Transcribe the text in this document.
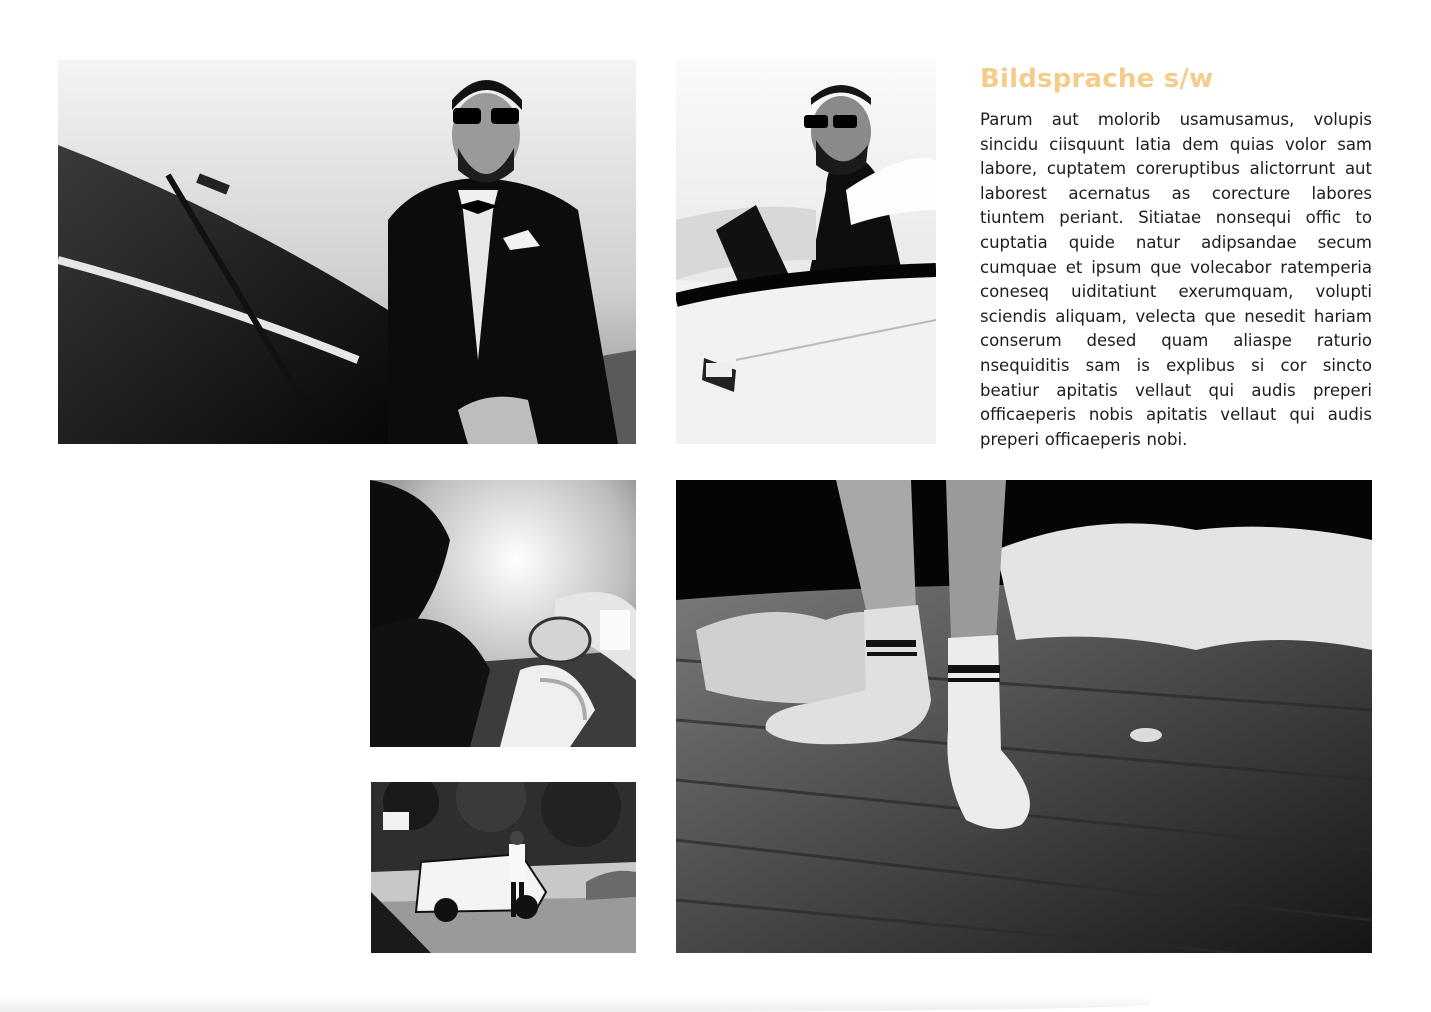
Bildsprache s/w

Parum aut molorib usamusamus, volupis sincidu ciisquunt latia dem quias volor sam labore, cuptatem coreruptibus alictorrunt aut laborest acernatus as corecture labores tiuntem periant. Sitiatae nonsequi offic to cuptatia quide natur adipsandae secum cumquae et ipsum que volecabor ratemperia coneseq uiditatiunt exerumquam, volupti sciendis aliquam, velecta que nesedit hariam conserum desed quam aliaspe raturio nsequiditis sam is explibus si cor sincto beatiur apitatis vellaut qui audis preperi officaeperis nobis apitatis vellaut qui audis preperi officaeperis nobi.
